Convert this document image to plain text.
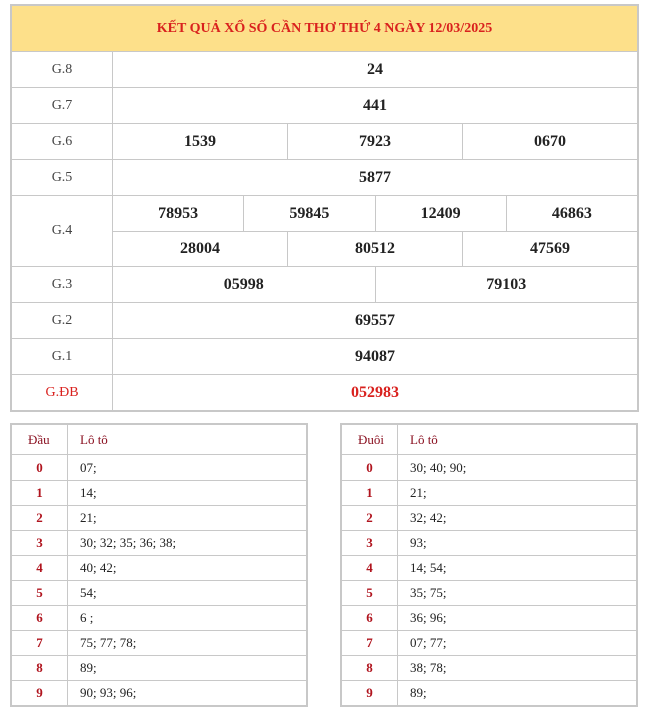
KẾT QUẢ XỔ SỐ CẦN THƠ THỨ 4 NGÀY 12/03/2025
G.8	24
G.7	441
G.6	1539	7923	0670
G.5	5877
G.4
78953	59845	12409	46863
28004	80512	47569
G.3	05998	79103
G.2	69557
G.1	94087
G.ĐB	052983
Đầu	Lô tô
0	07;
1	14;
2	21;
3	30; 32; 35; 36; 38;
4	40; 42;
5	54;
6	6 ;
7	75; 77; 78;
8	89;
9	90; 93; 96;
Đuôi	Lô tô
0	30; 40; 90;
1	21;
2	32; 42;
3	93;
4	14; 54;
5	35; 75;
6	36; 96;
7	07; 77;
8	38; 78;
9	89;
